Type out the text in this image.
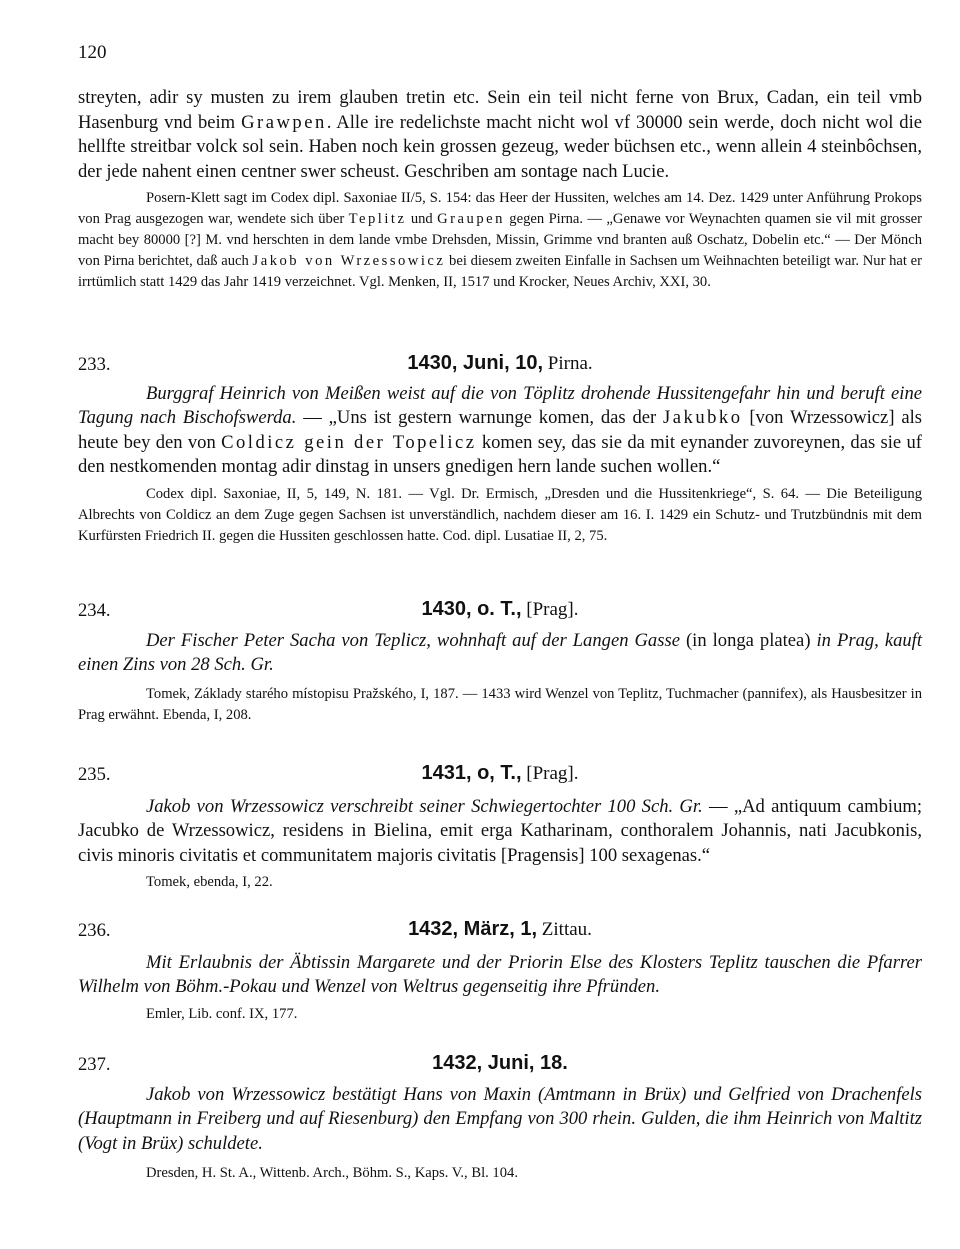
120

streyten, adir sy musten zu irem glauben tretin etc. Sein ein teil nicht ferne von Brux, Cadan, ein teil vmb Hasenburg vnd beim Grawpen. Alle ire redelichste macht nicht wol vf 30000 sein werde, doch nicht wol die hellfte streitbar volck sol sein. Haben noch kein grossen gezeug, weder büchsen etc., wenn allein 4 steinbôchsen, der jede nahent einen centner swer scheust. Geschriben am sontage nach Lucie.

Posern-Klett sagt im Codex dipl. Saxoniae II/5, S. 154: das Heer der Hussiten, welches am 14. Dez. 1429 unter Anführung Prokops von Prag ausgezogen war, wendete sich über Teplitz und Graupen gegen Pirna. — „Genawe vor Weynachten quamen sie vil mit grosser macht bey 80000 [?] M. vnd herschten in dem lande vmbe Drehsden, Missin, Grimme vnd branten auß Oschatz, Dobelin etc.“ — Der Mönch von Pirna berichtet, daß auch Jakob von Wrzessowicz bei diesem zweiten Einfalle in Sachsen um Weihnachten beteiligt war. Nur hat er irrtümlich statt 1429 das Jahr 1419 verzeichnet. Vgl. Menken, II, 1517 und Krocker, Neues Archiv, XXI, 30.

233.	1430, Juni, 10, Pirna.

Burggraf Heinrich von Meißen weist auf die von Töplitz drohende Hussitengefahr hin und beruft eine Tagung nach Bischofswerda. — „Uns ist gestern warnunge komen, das der Jakubko [von Wrzessowicz] als heute bey den von Coldicz gein der Topelicz komen sey, das sie da mit eynander zuvoreynen, das sie uf den nestkomenden montag adir dinstag in unsers gnedigen hern lande suchen wollen.“

Codex dipl. Saxoniae, II, 5, 149, N. 181. — Vgl. Dr. Ermisch, „Dresden und die Hussitenkriege“, S. 64. — Die Beteiligung Albrechts von Coldicz an dem Zuge gegen Sachsen ist unverständlich, nachdem dieser am 16. I. 1429 ein Schutz- und Trutzbündnis mit dem Kurfürsten Friedrich II. gegen die Hussiten geschlossen hatte. Cod. dipl. Lusatiae II, 2, 75.

234.	1430, o. T., [Prag].

Der Fischer Peter Sacha von Teplicz, wohnhaft auf der Langen Gasse (in longa platea) in Prag, kauft einen Zins von 28 Sch. Gr.

Tomek, Základy starého místopisu Pražského, I, 187. — 1433 wird Wenzel von Teplitz, Tuchmacher (pannifex), als Hausbesitzer in Prag erwähnt. Ebenda, I, 208.

235.	1431, o, T., [Prag].

Jakob von Wrzessowicz verschreibt seiner Schwiegertochter 100 Sch. Gr. — „Ad antiquum cambium; Jacubko de Wrzessowicz, residens in Bielina, emit erga Katharinam, conthoralem Johannis, nati Jacubkonis, civis minoris civitatis et communitatem majoris civitatis [Pragensis] 100 sexagenas.“

Tomek, ebenda, I, 22.

236.	1432, März, 1, Zittau.

Mit Erlaubnis der Äbtissin Margarete und der Priorin Else des Klosters Teplitz tauschen die Pfarrer Wilhelm von Böhm.-Pokau und Wenzel von Weltrus gegenseitig ihre Pfründen.

Emler, Lib. conf. IX, 177.

237.	1432, Juni, 18.

Jakob von Wrzessowicz bestätigt Hans von Maxin (Amtmann in Brüx) und Gelfried von Drachenfels (Hauptmann in Freiberg und auf Riesenburg) den Empfang von 300 rhein. Gulden, die ihm Heinrich von Maltitz (Vogt in Brüx) schuldete.

Dresden, H. St. A., Wittenb. Arch., Böhm. S., Kaps. V., Bl. 104.
